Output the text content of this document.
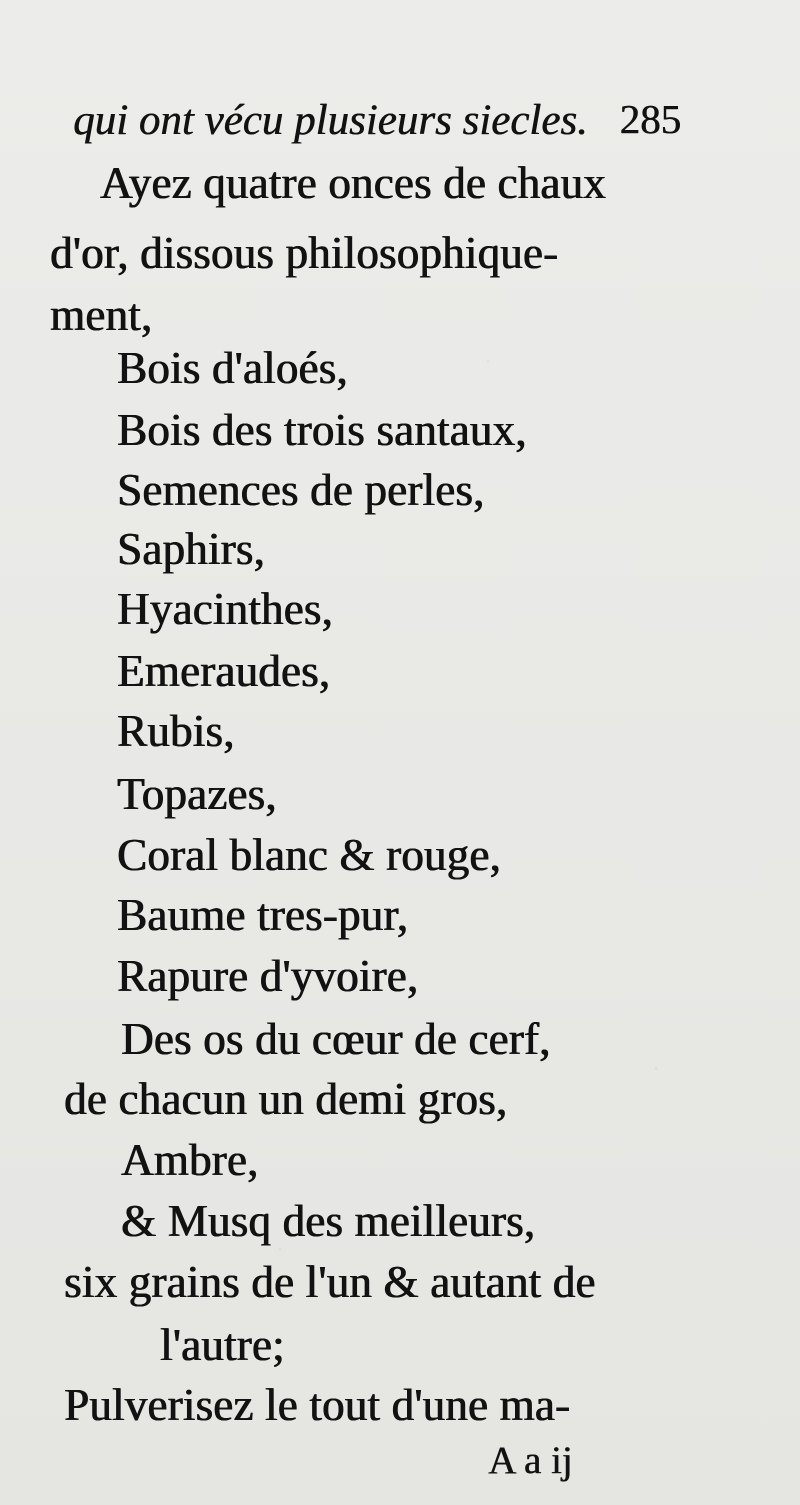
qui ont vécu plusieurs siecles. 285
Ayez quatre onces de chaux
d'or, dissous philosophique-
ment,
Bois d'aloés,
Bois des trois santaux,
Semences de perles,
Saphirs,
Hyacinthes,
Emeraudes,
Rubis,
Topazes,
Coral blanc & rouge,
Baume tres-pur,
Rapure d'yvoire,
Des os du cœur de cerf,
de chacun un demi gros,
Ambre,
& Musq des meilleurs,
six grains de l'un & autant de
l'autre;
Pulverisez le tout d'une ma-
A a ij
